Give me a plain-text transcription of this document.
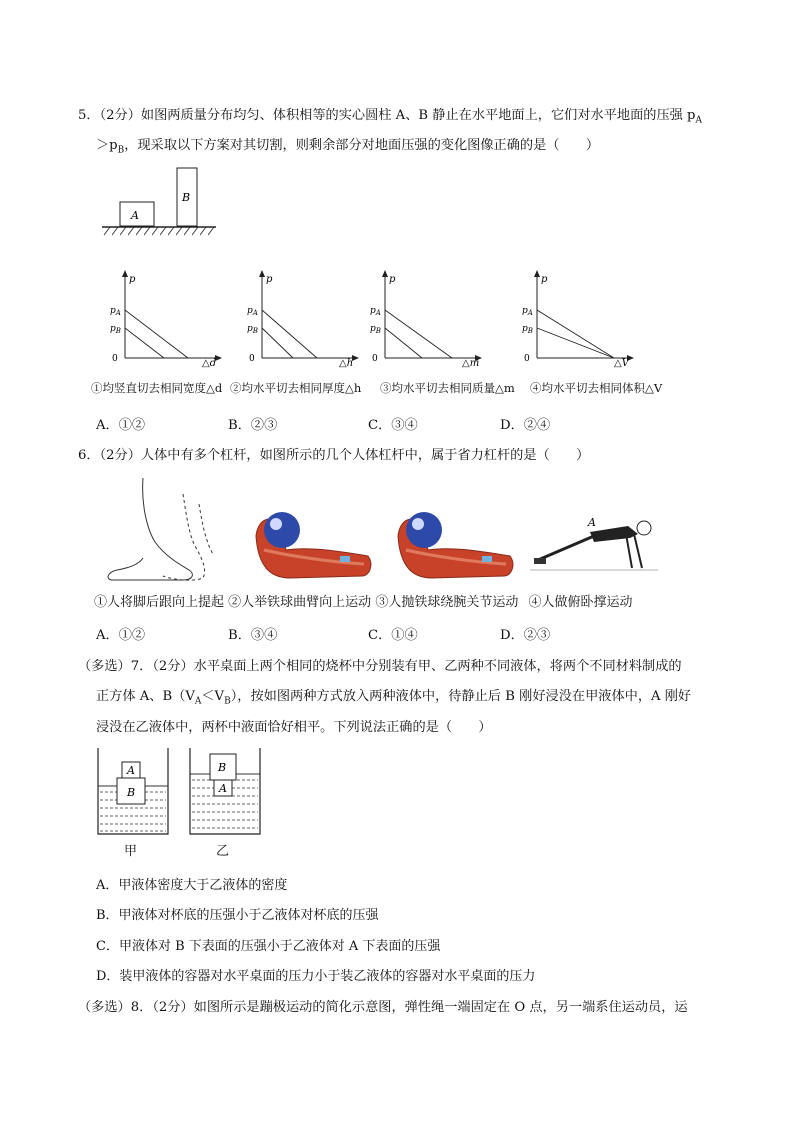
5．（2分）如图两质量分布均匀、体积相等的实心圆柱 A、B 静止在水平地面上，它们对水平地面的压强 $p_A$
$>p_B$，现采取以下方案对其切割，则剩余部分对地面压强的变化图像正确的是（　　）
A
B
p
$p_A$
$p_B$
0	△d
①均竖直切去相同宽度△d
p
$p_A$
$p_B$
0	△h
②均水平切去相同厚度△h
p
$p_A$
$p_B$
0	△m
③均水平切去相同质量△m
p
$p_A$
$p_B$
0	△V
④均水平切去相同体积△V
A．①②	B．②③	C．③④	D．②④
6．（2分）人体中有多个杠杆，如图所示的几个人体杠杆中，属于省力杠杆的是（　　）
A
①人将脚后跟向上提起 ②人举铁球曲臂向上运动 ③人抛铁球绕腕关节运动 ④人做俯卧撑运动
A．①②	B．③④	C．①④	D．②③
（多选）7．（2分）水平桌面上两个相同的烧杯中分别装有甲、乙两种不同液体，将两个不同材料制成的
正方体 A、$B(V_A<V_B)$，按如图两种方式放入两种液体中，待静止后 B 刚好浸没在甲液体中，A 刚好
浸没在乙液体中，两杯中液面恰好相平。下列说法正确的是（　　）
A
B
甲
B
A
乙
A．甲液体密度大于乙液体的密度
B．甲液体对杯底的压强小于乙液体对杯底的压强
C．甲液体对 B 下表面的压强小于乙液体对 A 下表面的压强
D．装甲液体的容器对水平桌面的压力小于装乙液体的容器对水平桌面的压力
（多选）8．（2分）如图所示是蹦极运动的简化示意图，弹性绳一端固定在 O 点，另一端系住运动员，运
